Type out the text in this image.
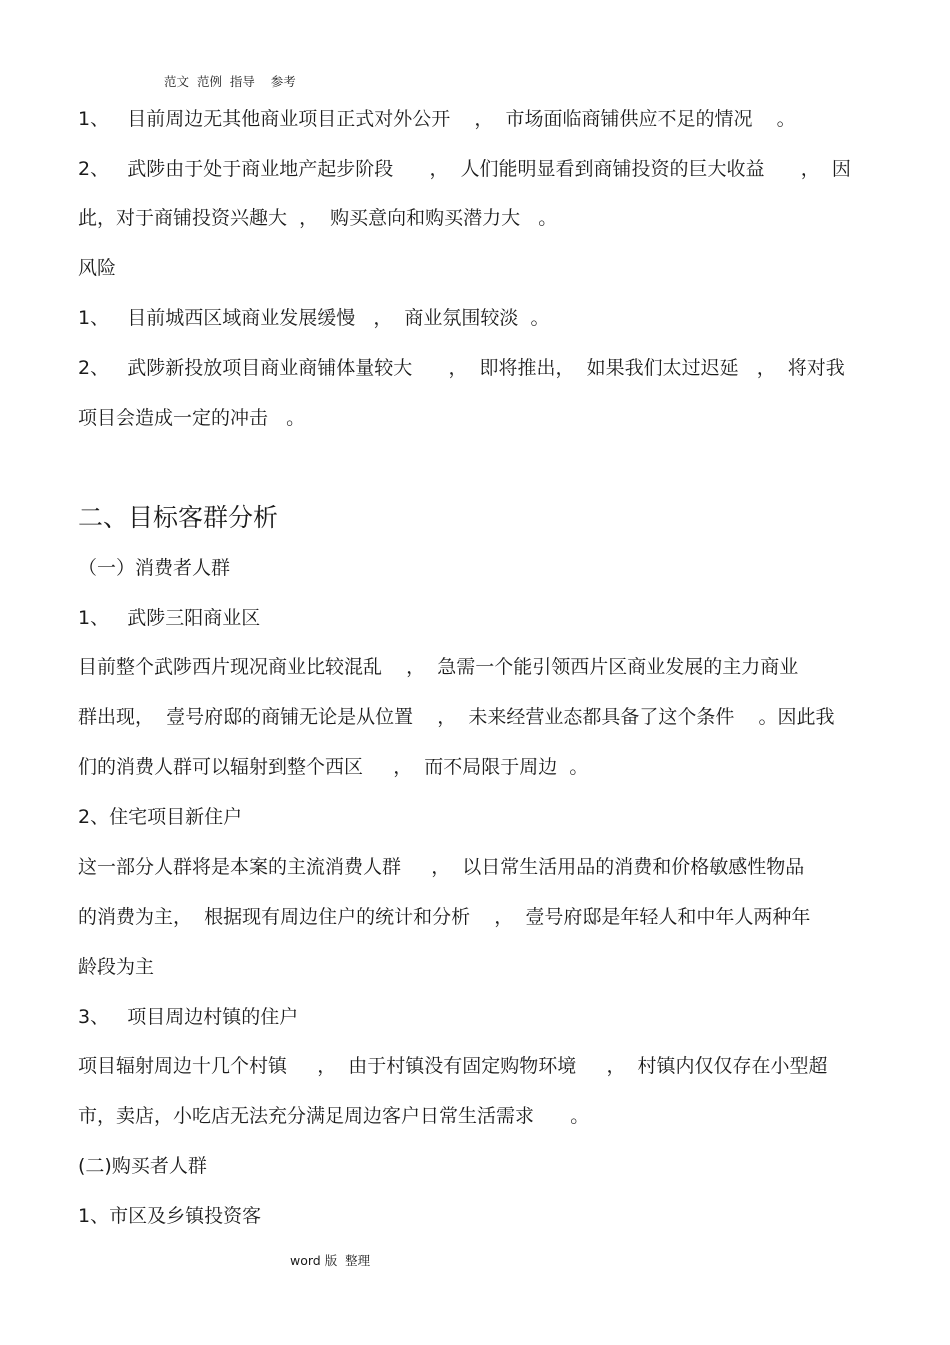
范文  范例  指导    参考

1、   目前周边无其他商业项目正式对外公开    ，  市场面临商铺供应不足的情况    。

2、   武陟由于处于商业地产起步阶段      ，  人们能明显看到商铺投资的巨大收益      ，  因

此，对于商铺投资兴趣大  ，  购买意向和购买潜力大   。

风险

1、   目前城西区域商业发展缓慢   ，  商业氛围较淡  。

2、   武陟新投放项目商业商铺体量较大      ，  即将推出，  如果我们太过迟延   ，  将对我

项目会造成一定的冲击   。

二、目标客群分析

（一）消费者人群

1、   武陟三阳商业区

目前整个武陟西片现况商业比较混乱    ，  急需一个能引领西片区商业发展的主力商业

群出现，  壹号府邸的商铺无论是从位置    ，  未来经营业态都具备了这个条件    。因此我

们的消费人群可以辐射到整个西区     ，  而不局限于周边  。

2、住宅项目新住户

这一部分人群将是本案的主流消费人群     ，  以日常生活用品的消费和价格敏感性物品

的消费为主，  根据现有周边住户的统计和分析    ，  壹号府邸是年轻人和中年人两种年

龄段为主

3、   项目周边村镇的住户

项目辐射周边十几个村镇     ，  由于村镇没有固定购物环境     ，  村镇内仅仅存在小型超

市，卖店，小吃店无法充分满足周边客户日常生活需求      。

(二)购买者人群

1、市区及乡镇投资客

word 版  整理
